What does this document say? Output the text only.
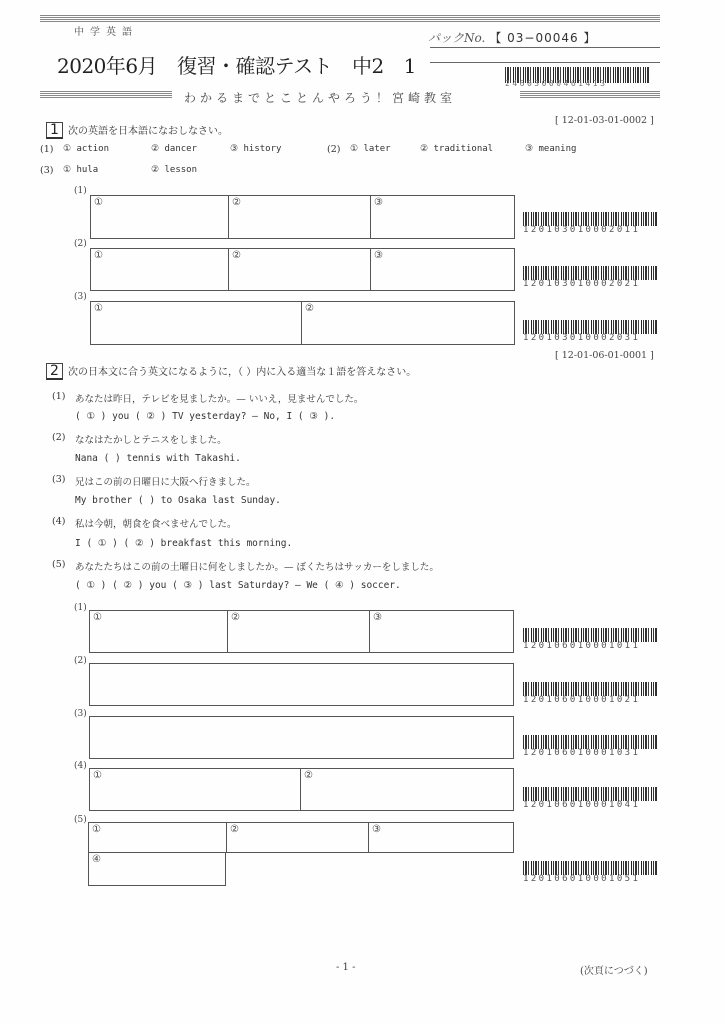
中学英語
2020年6月 復習・確認テスト 中2 1
パックNo. 【 03−00046 】
24603000461413
わかるまでとことんやろう！宮崎教室
[ 12-01-03-01-0002 ]
1 次の英語を日本語になおしなさい。
(1) ① action	② dancer	③ history	(2) ① later	② traditional	③ meaning
(3) ① hula	② lesson
(1)
①	②	③
120103010002011
(2)
①	②	③
120103010002021
(3)
①	②
120103010002031
[ 12-01-06-01-0001 ]
2 次の日本文に合う英文になるように，（ ）内に入る適当な１語を答えなさい。
(1) あなたは昨日，テレビを見ましたか。— いいえ，見ませんでした。
( ① ) you ( ② ) TV yesterday? — No, I ( ③ ).
(2) ななはたかしとテニスをしました。
Nana ( ) tennis with Takashi.
(3) 兄はこの前の日曜日に大阪へ行きました。
My brother ( ) to Osaka last Sunday.
(4) 私は今朝，朝食を食べませんでした。
I ( ① ) ( ② ) breakfast this morning.
(5) あなたたちはこの前の土曜日に何をしましたか。— ぼくたちはサッカーをしました。
( ① ) ( ② ) you ( ③ ) last Saturday? — We ( ④ ) soccer.
(1)
①	②	③
120106010001011
(2)
120106010001021
(3)
120106010001031
(4)
①	②
120106010001041
(5)
①	②	③
④
120106010001051
- 1 -	(次頁につづく)
